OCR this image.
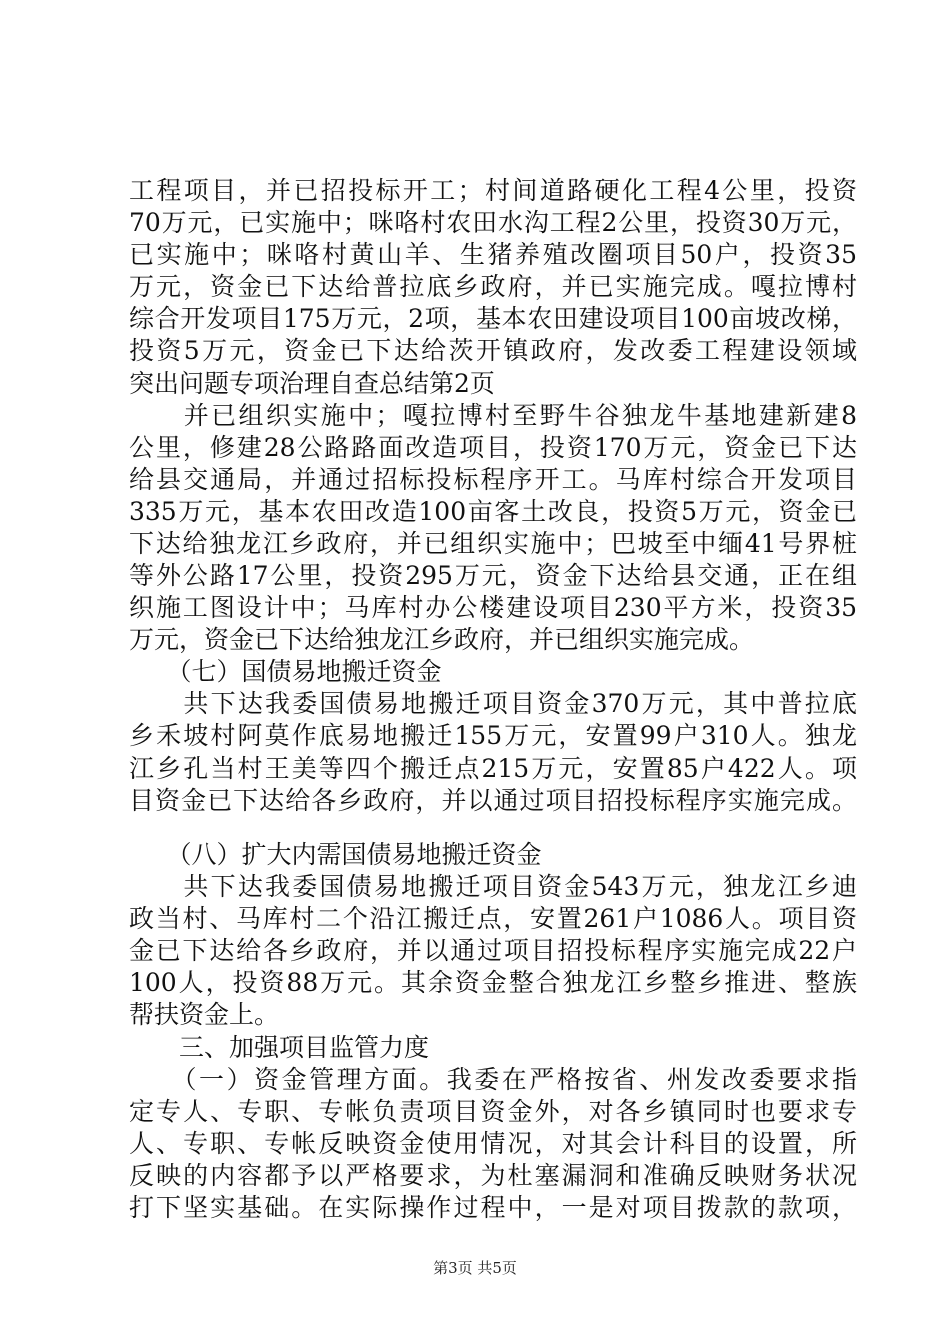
工程项目，并已招投标开工；村间道路硬化工程4公里，投资
70万元，已实施中；咪咯村农田水沟工程2公里，投资30万元，
已实施中；咪咯村黄山羊、生猪养殖改圈项目50户，投资35
万元，资金已下达给普拉底乡政府，并已实施完成。嘎拉博村
综合开发项目175万元，2项，基本农田建设项目100亩坡改梯，
投资5万元，资金已下达给茨开镇政府，发改委工程建设领域
突出问题专项治理自查总结第2页
　　并已组织实施中；嘎拉博村至野牛谷独龙牛基地建新建8
公里，修建28公路路面改造项目，投资170万元，资金已下达
给县交通局，并通过招标投标程序开工。马库村综合开发项目
335万元，基本农田改造100亩客土改良，投资5万元，资金已
下达给独龙江乡政府，并已组织实施中；巴坡至中缅41号界桩
等外公路17公里，投资295万元，资金下达给县交通，正在组
织施工图设计中；马库村办公楼建设项目230平方米，投资35
万元，资金已下达给独龙江乡政府，并已组织实施完成。
　　（七）国债易地搬迁资金
　　共下达我委国债易地搬迁项目资金370万元，其中普拉底
乡禾坡村阿莫作底易地搬迁155万元，安置99户310人。独龙
江乡孔当村王美等四个搬迁点215万元，安置85户422人。项
目资金已下达给各乡政府，并以通过项目招投标程序实施完成。
　　（八）扩大内需国债易地搬迁资金
　　共下达我委国债易地搬迁项目资金543万元，独龙江乡迪
政当村、马库村二个沿江搬迁点，安置261户1086人。项目资
金已下达给各乡政府，并以通过项目招投标程序实施完成22户
100人，投资88万元。其余资金整合独龙江乡整乡推进、整族
帮扶资金上。
　　三、加强项目监管力度
　　（一）资金管理方面。我委在严格按省、州发改委要求指
定专人、专职、专帐负责项目资金外，对各乡镇同时也要求专
人、专职、专帐反映资金使用情况，对其会计科目的设置，所
反映的内容都予以严格要求，为杜塞漏洞和准确反映财务状况
打下坚实基础。在实际操作过程中，一是对项目拨款的款项，
第3页 共5页
